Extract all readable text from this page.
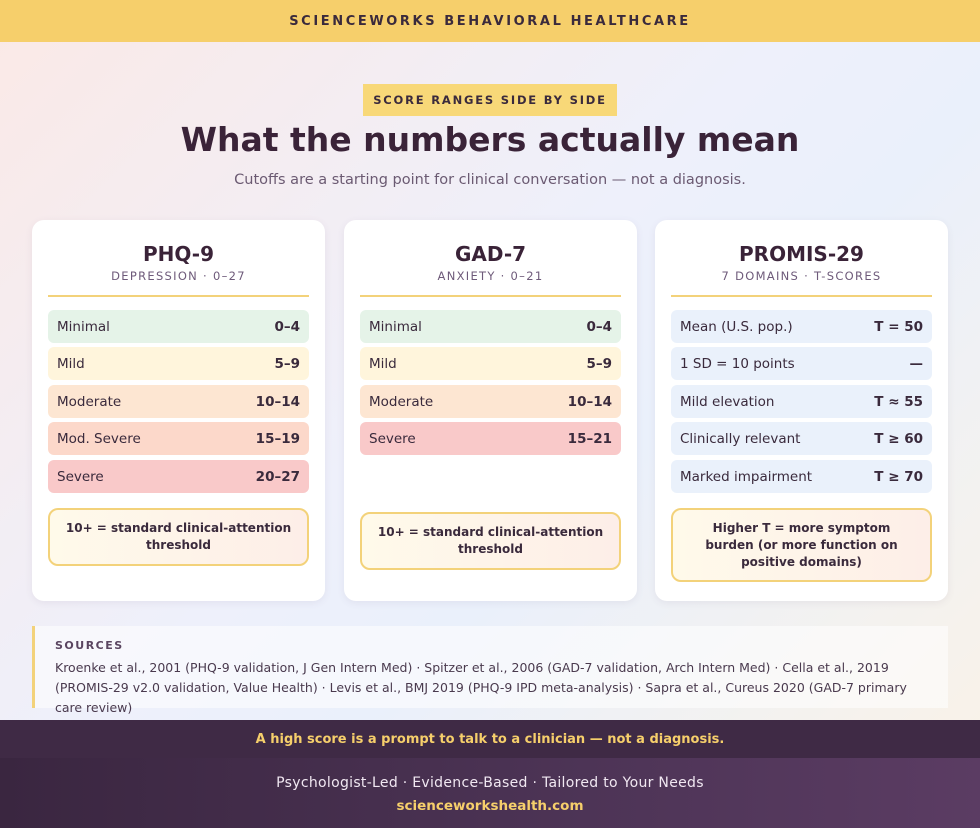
SCIENCEWORKS BEHAVIORAL HEALTHCARE
SCORE RANGES SIDE BY SIDE
What the numbers actually mean
Cutoffs are a starting point for clinical conversation — not a diagnosis.
PHQ-9
DEPRESSION · 0–27
Minimal	0–4
Mild	5–9
Moderate	10–14
Mod. Severe	15–19
Severe	20–27
10+ = standard clinical-attention threshold
GAD-7
ANXIETY · 0–21
Minimal	0–4
Mild	5–9
Moderate	10–14
Severe	15–21
10+ = standard clinical-attention threshold
PROMIS-29
7 DOMAINS · T-SCORES
Mean (U.S. pop.)	T = 50
1 SD = 10 points	—
Mild elevation	T ≈ 55
Clinically relevant	T ≥ 60
Marked impairment	T ≥ 70
Higher T = more symptom burden (or more function on positive domains)
SOURCES
Kroenke et al., 2001 (PHQ-9 validation, J Gen Intern Med) · Spitzer et al., 2006 (GAD-7 validation, Arch Intern Med) · Cella et al., 2019 (PROMIS-29 v2.0 validation, Value Health) · Levis et al., BMJ 2019 (PHQ-9 IPD meta-analysis) · Sapra et al., Cureus 2020 (GAD-7 primary care review)
A high score is a prompt to talk to a clinician — not a diagnosis.
Psychologist-Led · Evidence-Based · Tailored to Your Needs
scienceworkshealth.com
